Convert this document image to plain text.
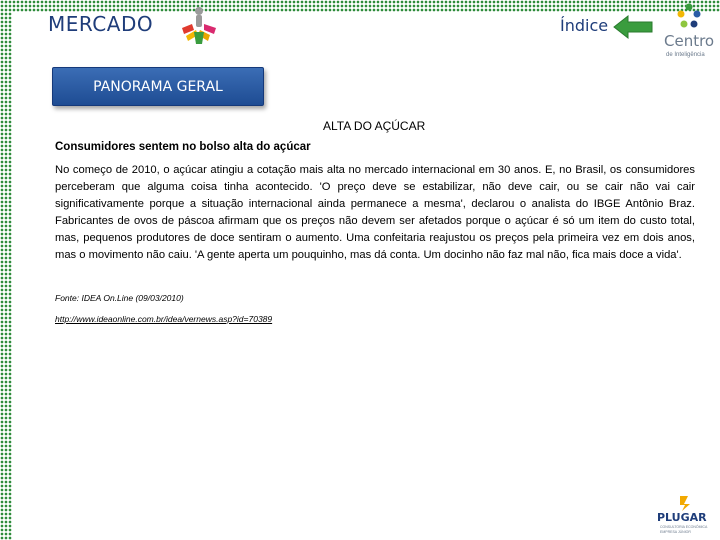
MERCADO	Índice
Centro
de Inteligência
PANORAMA GERAL
ALTA DO AÇÚCAR
Consumidores sentem no bolso alta do açúcar
No começo de 2010, o açúcar atingiu a cotação mais alta no mercado internacional em 30 anos. E, no Brasil, os consumidores perceberam que alguma coisa tinha acontecido. 'O preço deve se estabilizar, não deve cair, ou se cair não vai cair significativamente porque a situação internacional ainda permanece a mesma', declarou o analista do IBGE Antônio Braz. Fabricantes de ovos de páscoa afirmam que os preços não devem ser afetados porque o açúcar é só um item do custo total, mas, pequenos produtores de doce sentiram o aumento. Uma confeitaria reajustou os preços pela primeira vez em dois anos, mas o movimento não caiu. 'A gente aperta um pouquinho, mas dá conta. Um docinho não faz mal não, fica mais doce a vida'.
Fonte: IDEA On.Line (09/03/2010)
http://www.ideaonline.com.br/idea/vernews.asp?id=70389
PLUGAR
CONSULTORIA ECONÔMICA EMPRESA JÚNIOR
